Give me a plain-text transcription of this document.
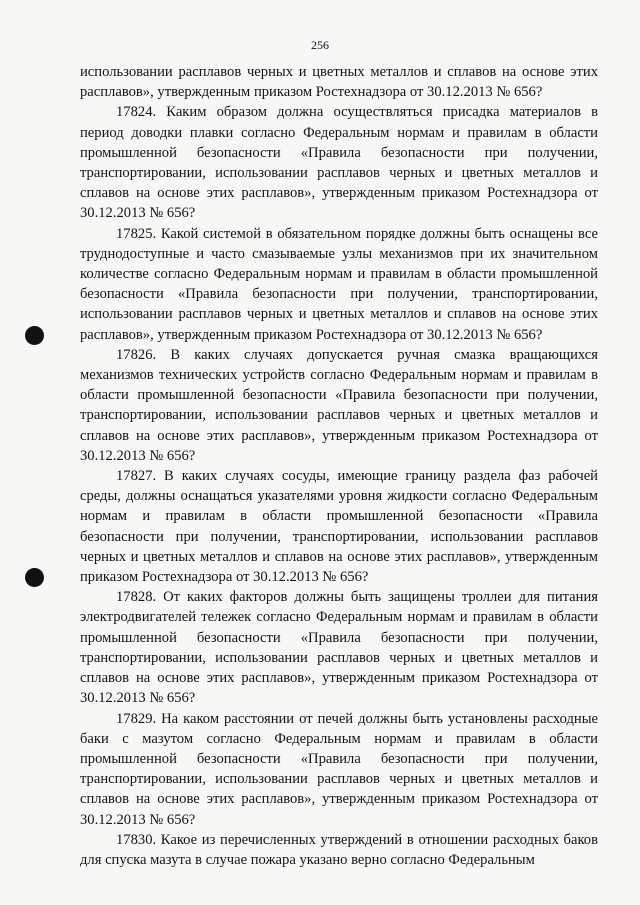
256

использовании расплавов черных и цветных металлов и сплавов на основе этих расплавов», утвержденным приказом Ростехнадзора от 30.12.2013 № 656?

17824. Каким образом должна осуществляться присадка материалов в период доводки плавки согласно Федеральным нормам и правилам в области промышленной безопасности «Правила безопасности при получении, транспортировании, использовании расплавов черных и цветных металлов и сплавов на основе этих расплавов», утвержденным приказом Ростехнадзора от 30.12.2013 № 656?

17825. Какой системой в обязательном порядке должны быть оснащены все труднодоступные и часто смазываемые узлы механизмов при их значительном количестве согласно Федеральным нормам и правилам в области промышленной безопасности «Правила безопасности при получении, транспортировании, использовании расплавов черных и цветных металлов и сплавов на основе этих расплавов», утвержденным приказом Ростехнадзора от 30.12.2013 № 656?

17826. В каких случаях допускается ручная смазка вращающихся механизмов технических устройств согласно Федеральным нормам и правилам в области промышленной безопасности «Правила безопасности при получении, транспортировании, использовании расплавов черных и цветных металлов и сплавов на основе этих расплавов», утвержденным приказом Ростехнадзора от 30.12.2013 № 656?

17827. В каких случаях сосуды, имеющие границу раздела фаз рабочей среды, должны оснащаться указателями уровня жидкости согласно Федеральным нормам и правилам в области промышленной безопасности «Правила безопасности при получении, транспортировании, использовании расплавов черных и цветных металлов и сплавов на основе этих расплавов», утвержденным приказом Ростехнадзора от 30.12.2013 № 656?

17828. От каких факторов должны быть защищены троллеи для питания электродвигателей тележек согласно Федеральным нормам и правилам в области промышленной безопасности «Правила безопасности при получении, транспортировании, использовании расплавов черных и цветных металлов и сплавов на основе этих расплавов», утвержденным приказом Ростехнадзора от 30.12.2013 № 656?

17829. На каком расстоянии от печей должны быть установлены расходные баки с мазутом согласно Федеральным нормам и правилам в области промышленной безопасности «Правила безопасности при получении, транспортировании, использовании расплавов черных и цветных металлов и сплавов на основе этих расплавов», утвержденным приказом Ростехнадзора от 30.12.2013 № 656?

17830. Какое из перечисленных утверждений в отношении расходных баков для спуска мазута в случае пожара указано верно согласно Федеральным
